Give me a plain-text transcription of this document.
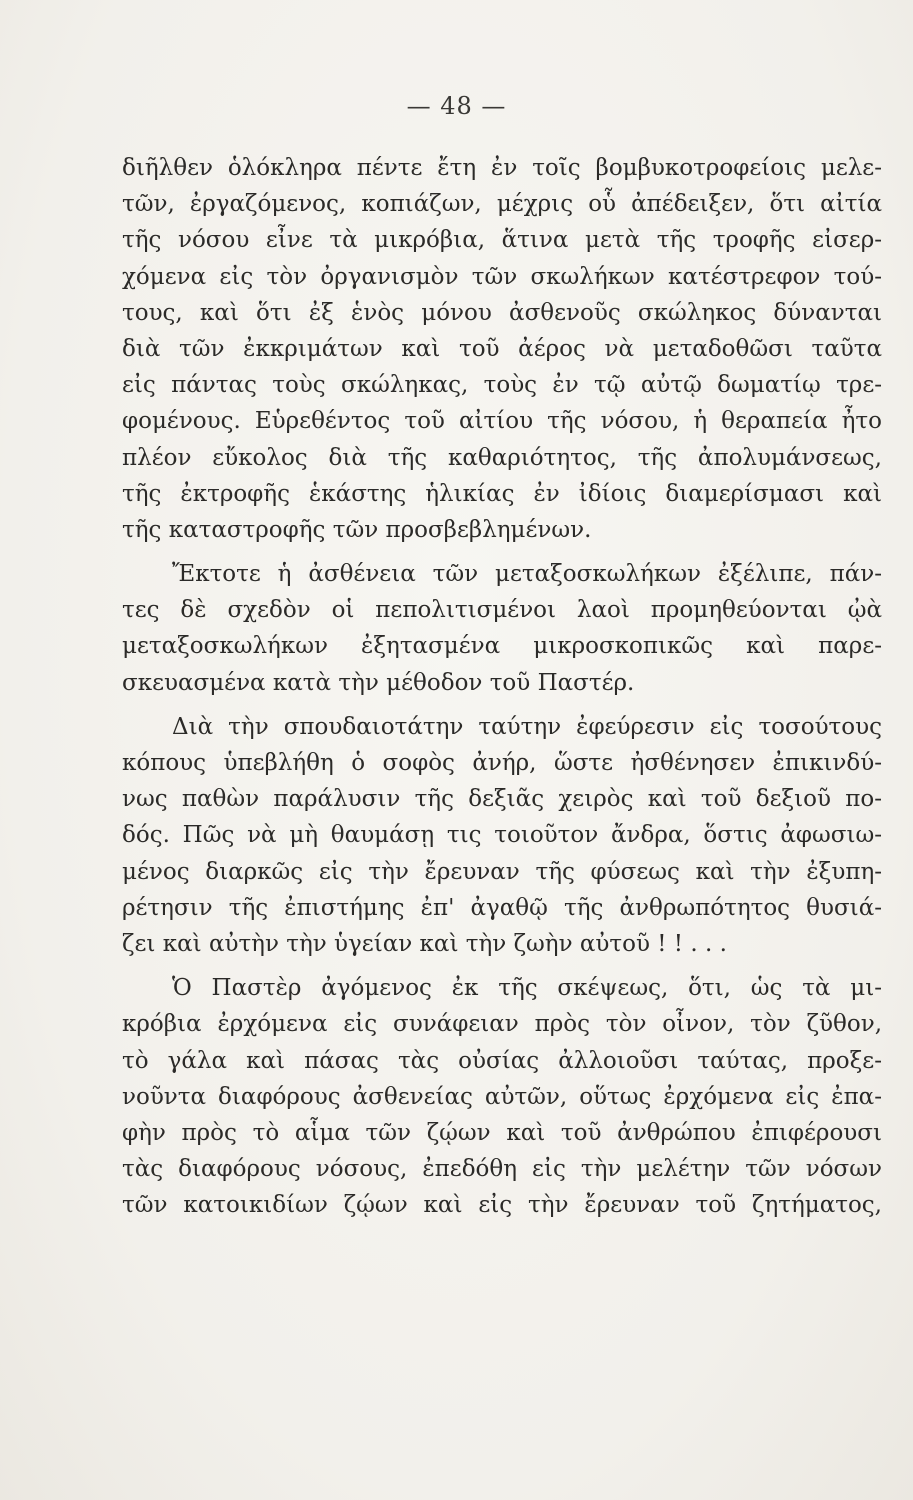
— 48 —
διῆλθεν ὁλόκληρα πέντε ἔτη ἐν τοῖς βομβυκοτροφείοις μελε-
τῶν, ἐργαζόμενος, κοπιάζων, μέχρις οὗ ἀπέδειξεν, ὅτι αἰτία
τῆς νόσου εἶνε τὰ μικρόβια, ἅτινα μετὰ τῆς τροφῆς εἰσερ-
χόμενα εἰς τὸν ὀργανισμὸν τῶν σκωλήκων κατέστρεφον τού-
τους, καὶ ὅτι ἐξ ἑνὸς μόνου ἀσθενοῦς σκώληκος δύνανται
διὰ τῶν ἐκκριμάτων καὶ τοῦ ἀέρος νὰ μεταδοθῶσι ταῦτα
εἰς πάντας τοὺς σκώληκας, τοὺς ἐν τῷ αὐτῷ δωματίῳ τρε-
φομένους. Εὑρεθέντος τοῦ αἰτίου τῆς νόσου, ἡ θεραπεία ἦτο
πλέον εὔκολος διὰ τῆς καθαριότητος, τῆς ἀπολυμάνσεως,
τῆς ἐκτροφῆς ἑκάστης ἡλικίας ἐν ἰδίοις διαμερίσμασι καὶ
τῆς καταστροφῆς τῶν προσβεβλημένων.
Ἔκτοτε ἡ ἀσθένεια τῶν μεταξοσκωλήκων ἐξέλιπε, πάν-
τες δὲ σχεδὸν οἱ πεπολιτισμένοι λαοὶ προμηθεύονται ᾠὰ
μεταξοσκωλήκων ἐξητασμένα μικροσκοπικῶς καὶ παρε-
σκευασμένα κατὰ τὴν μέθοδον τοῦ Παστέρ.
Διὰ τὴν σπουδαιοτάτην ταύτην ἐφεύρεσιν εἰς τοσούτους
κόπους ὑπεβλήθη ὁ σοφὸς ἀνήρ, ὥστε ἠσθένησεν ἐπικινδύ-
νως παθὼν παράλυσιν τῆς δεξιᾶς χειρὸς καὶ τοῦ δεξιοῦ πο-
δός. Πῶς νὰ μὴ θαυμάσῃ τις τοιοῦτον ἄνδρα, ὅστις ἀφωσιω-
μένος διαρκῶς εἰς τὴν ἔρευναν τῆς φύσεως καὶ τὴν ἐξυπη-
ρέτησιν τῆς ἐπιστήμης ἐπ' ἀγαθῷ τῆς ἀνθρωπότητος θυσιά-
ζει καὶ αὐτὴν τὴν ὑγείαν καὶ τὴν ζωὴν αὐτοῦ ! ! . . .
Ὁ Παστὲρ ἀγόμενος ἐκ τῆς σκέψεως, ὅτι, ὡς τὰ μι-
κρόβια ἐρχόμενα εἰς συνάφειαν πρὸς τὸν οἶνον, τὸν ζῦθον,
τὸ γάλα καὶ πάσας τὰς οὐσίας ἀλλοιοῦσι ταύτας, προξε-
νοῦντα διαφόρους ἀσθενείας αὐτῶν, οὕτως ἐρχόμενα εἰς ἐπα-
φὴν πρὸς τὸ αἷμα τῶν ζῴων καὶ τοῦ ἀνθρώπου ἐπιφέρουσι
τὰς διαφόρους νόσους, ἐπεδόθη εἰς τὴν μελέτην τῶν νόσων
τῶν κατοικιδίων ζῴων καὶ εἰς τὴν ἔρευναν τοῦ ζητήματος,
